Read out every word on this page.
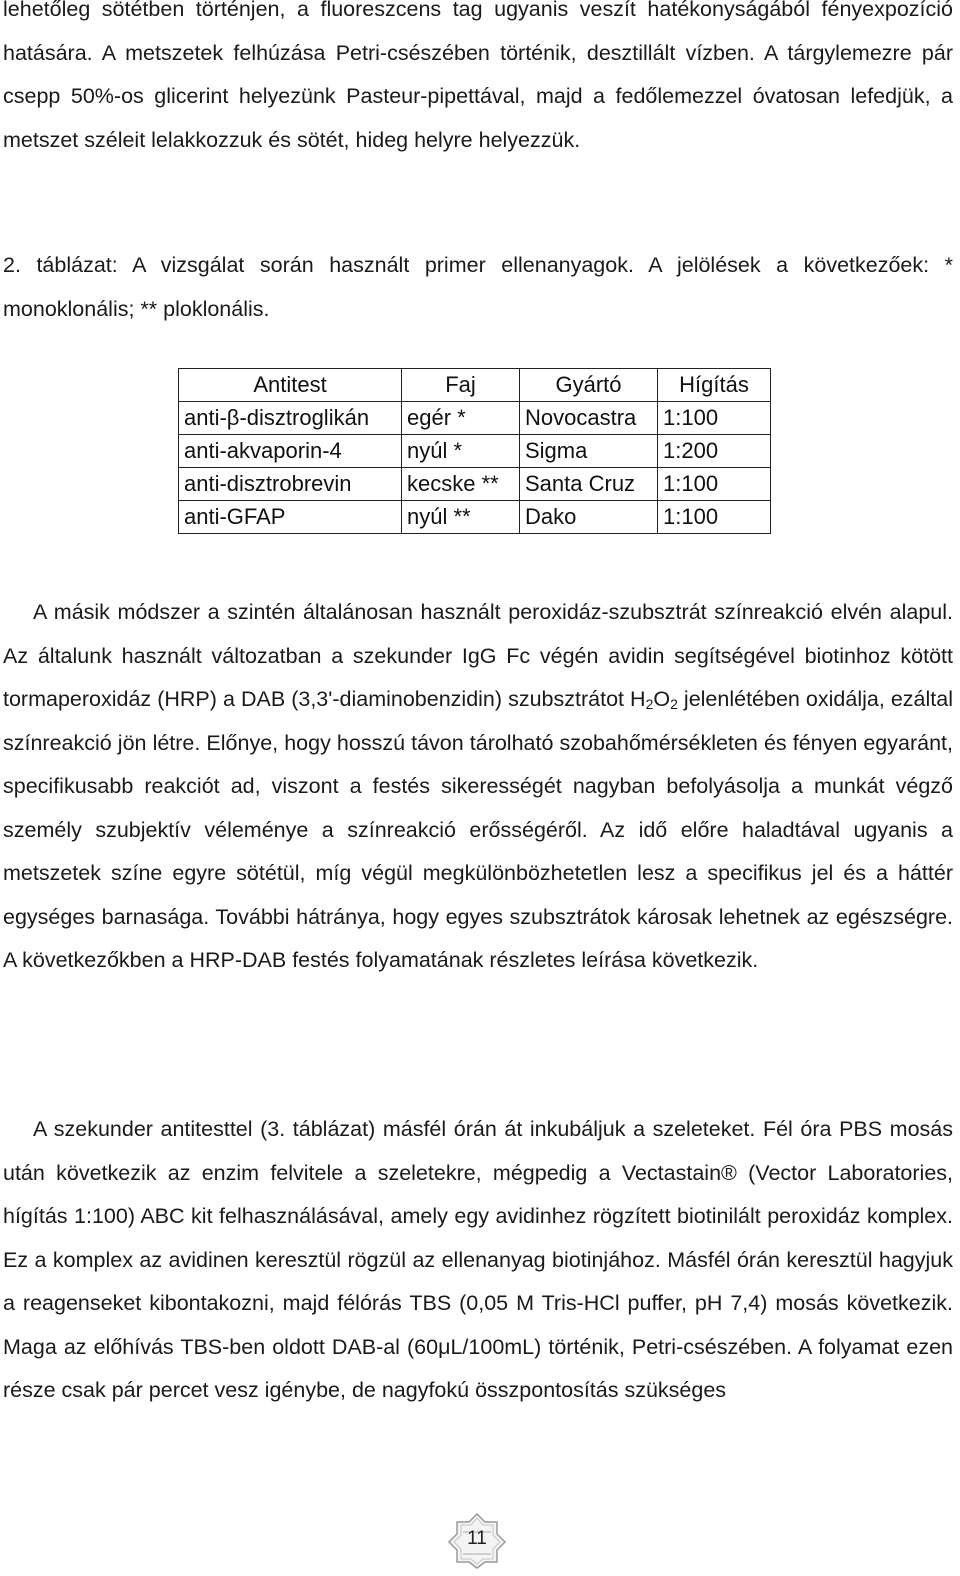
lehetőleg sötétben történjen, a fluoreszcens tag ugyanis veszít hatékonyságából fényexpozíció hatására. A metszetek felhúzása Petri-csészében történik, desztillált vízben. A tárgylemezre pár csepp 50%-os glicerint helyezünk Pasteur-pipettával, majd a fedőlemezzel óvatosan lefedjük, a metszet széleit lelakkozzuk és sötét, hideg helyre helyezzük.

2. táblázat: A vizsgálat során használt primer ellenanyagok. A jelölések a következőek: * monoklonális; ** ploklonális.

Antitest	Faj	Gyártó	Hígítás
anti-β-disztroglikán	egér *	Novocastra	1:100
anti-akvaporin-4	nyúl *	Sigma	1:200
anti-disztrobrevin	kecske **	Santa Cruz	1:100
anti-GFAP	nyúl **	Dako	1:100

A másik módszer a szintén általánosan használt peroxidáz-szubsztrát színreakció elvén alapul. Az általunk használt változatban a szekunder IgG Fc végén avidin segítségével biotinhoz kötött tormaperoxidáz (HRP) a DAB (3,3'-diaminobenzidin) szubsztrátot $H_2O_2$ jelenlétében oxidálja, ezáltal színreakció jön létre. Előnye, hogy hosszú távon tárolható szobahőmérsékleten és fényen egyaránt, specifikusabb reakciót ad, viszont a festés sikerességét nagyban befolyásolja a munkát végző személy szubjektív véleménye a színreakció erősségéről. Az idő előre haladtával ugyanis a metszetek színe egyre sötétül, míg végül megkülönbözhetetlen lesz a specifikus jel és a háttér egységes barnasága. További hátránya, hogy egyes szubsztrátok károsak lehetnek az egészségre. A következőkben a HRP-DAB festés folyamatának részletes leírása következik.

A szekunder antitesttel (3. táblázat) másfél órán át inkubáljuk a szeleteket. Fél óra PBS mosás után következik az enzim felvitele a szeletekre, mégpedig a Vectastain® (Vector Laboratories, hígítás 1:100) ABC kit felhasználásával, amely egy avidinhez rögzített biotinilált peroxidáz komplex. Ez a komplex az avidinen keresztül rögzül az ellenanyag biotinjához. Másfél órán keresztül hagyjuk a reagenseket kibontakozni, majd félórás TBS (0,05 M Tris-HCl puffer, pH 7,4) mosás következik. Maga az előhívás TBS-ben oldott DAB-al (60μL/100mL) történik, Petri-csészében. A folyamat ezen része csak pár percet vesz igénybe, de nagyfokú összpontosítás szükséges

11
